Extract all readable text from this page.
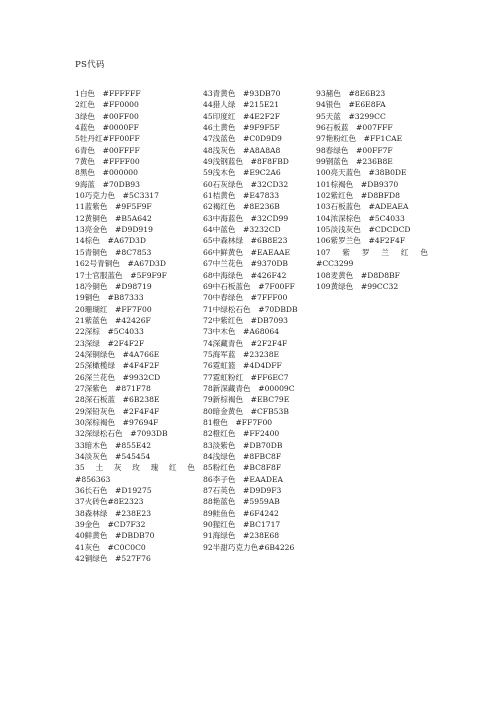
PS代码
1白色　#FFFFFF
2红色　#FF0000
3绿色　#00FF00
4蓝色　#0000FF
5牡丹红#FF00FF
6青色　#00FFFF
7黄色　#FFFF00
8黑色　#000000
9海蓝　#70DB93
10巧克力色　#5C3317
11蓝紫色　#9F5F9F
12黄铜色　#B5A642
13亮金色　#D9D919
14棕色　#A67D3D
15青铜色　#8C7853
162号青铜色　#A67D3D
17士官服蓝色　#5F9F9F
18冷铜色　#D98719
19铜色　#B87333
20珊瑚红　#FF7F00
21紫蓝色　#42426F
22深棕　#5C4033
23深绿　#2F4F2F
24深铜绿色　#4A766E
25深橄榄绿　#4F4F2F
26深兰花色　#9932CD
27深紫色　#871F78
28深石板蓝　#6B238E
29深铅灰色　#2F4F4F
30深棕褐色　#97694F
32深绿松石色　#7093DB
33暗木色　#855E42
34淡灰色　#545454
35　土　灰　玫　瑰　红　色　#856363
36长石色　#D19275
37火砖色#8E2323
38森林绿　#238E23
39金色　#CD7F32
40鲜黄色　#DBDB70
41灰色　#C0C0C0
42铜绿色　#527F76
43青黄色　#93DB70
44猎人绿　#215E21
45印度红　#4E2F2F
46土黄色　#9F9F5F
47浅蓝色　#C0D9D9
48浅灰色　#A8A8A8
49浅钢蓝色　#8F8FBD
59浅木色　#E9C2A6
60石灰绿色　#32CD32
61桔黄色　#E47833
62褐红色　#8E236B
63中海蓝色　#32CD99
64中蓝色　#3232CD
65中森林绿　#6B8E23
66中鲜黄色　#EAEAAE
67中兰花色　#9370DB
68中海绿色　#426F42
69中石板蓝色　#7F00FF
70中春绿色　#7FFF00
71中绿松石色　#70DBDB
72中紫红色　#DB7093
73中木色　#A68064
74深藏青色　#2F2F4F
75海军蓝　#23238E
76霓虹篮　#4D4DFF
77霓虹粉红　#FF6EC7
78新深藏青色　#00009C
79新棕褐色　#EBC79E
80暗金黄色　#CFB53B
81橙色　#FF7F00
82橙红色　#FF2400
83淡紫色　#DB70DB
84浅绿色　#8FBC8F
85粉红色　#BC8F8F
86李子色　#EAADEA
87石英色　#D9D9F3
88艳蓝色　#5959AB
89鲑鱼色　#6F4242
90猩红色　#BC1717
91海绿色　#238E68
92半甜巧克力色#6B4226
93赭色　#8E6B23
94银色　#E6E8FA
95天蓝　#3299CC
96石板蓝　#007FFF
97艳粉红色　#FF1CAE
98春绿色　#00FF7F
99钢蓝色　#236B8E
100亮天蓝色　#38B0DE
101棕褐色　#DB9370
102紫红色　#D8BFD8
103石板蓝色　#ADEAEA
104浓深棕色　#5C4033
105淡浅灰色　#CDCDCD
106紫罗兰色　#4F2F4F
107　紫　罗　兰　红　色　#CC3299
108麦黄色　#D8D8BF
109黄绿色　#99CC32
